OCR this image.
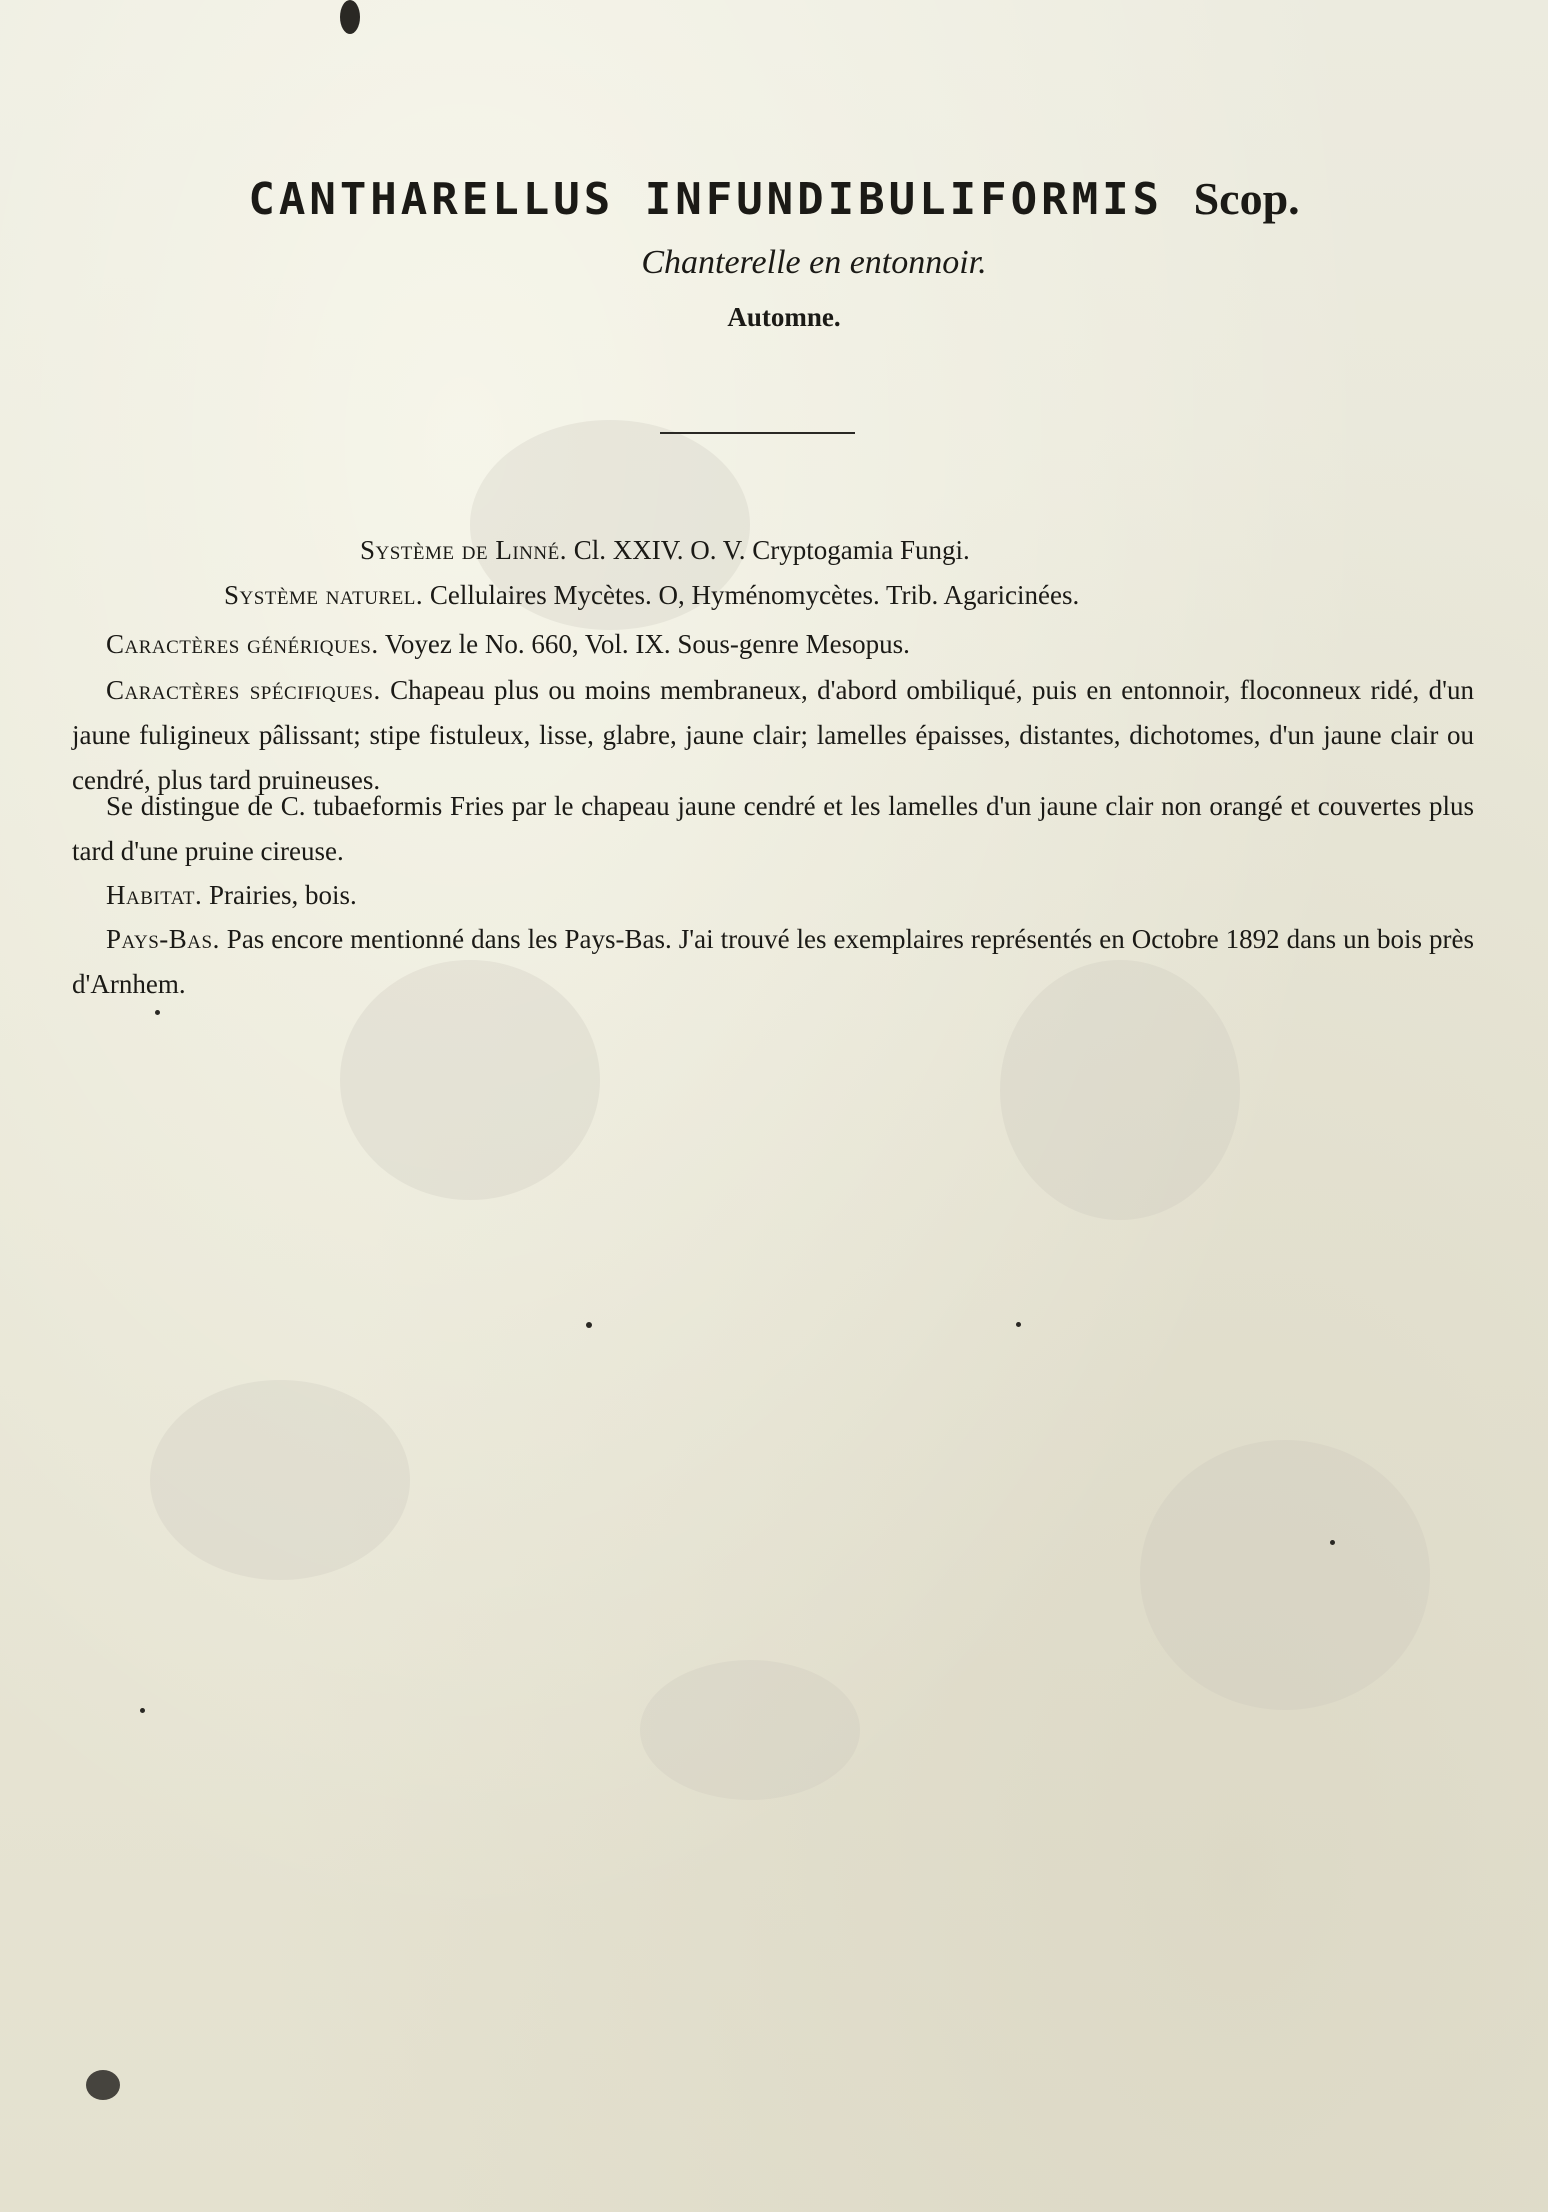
CANTHARELLUS INFUNDIBULIFORMIS Scop.
Chanterelle en entonnoir.
Automne.
Système de Linné. Cl. XXIV. O. V. Cryptogamia Fungi.
Système naturel. Cellulaires Mycètes. O, Hyménomycètes. Trib. Agaricinées.
Caractères génériques. Voyez le No. 660, Vol. IX. Sous-genre Mesopus.
Caractères spécifiques. Chapeau plus ou moins membraneux, d'abord ombiliqué, puis en entonnoir, floconneux ridé, d'un jaune fuligineux pâlissant; stipe fistuleux, lisse, glabre, jaune clair; lamelles épaisses, distantes, dichotomes, d'un jaune clair ou cendré, plus tard pruineuses.
Se distingue de C. tubaeformis Fries par le chapeau jaune cendré et les lamelles d'un jaune clair non orangé et couvertes plus tard d'une pruine cireuse.
Habitat. Prairies, bois.
Pays-Bas. Pas encore mentionné dans les Pays-Bas. J'ai trouvé les exemplaires représentés en Octobre 1892 dans un bois près d'Arnhem.
